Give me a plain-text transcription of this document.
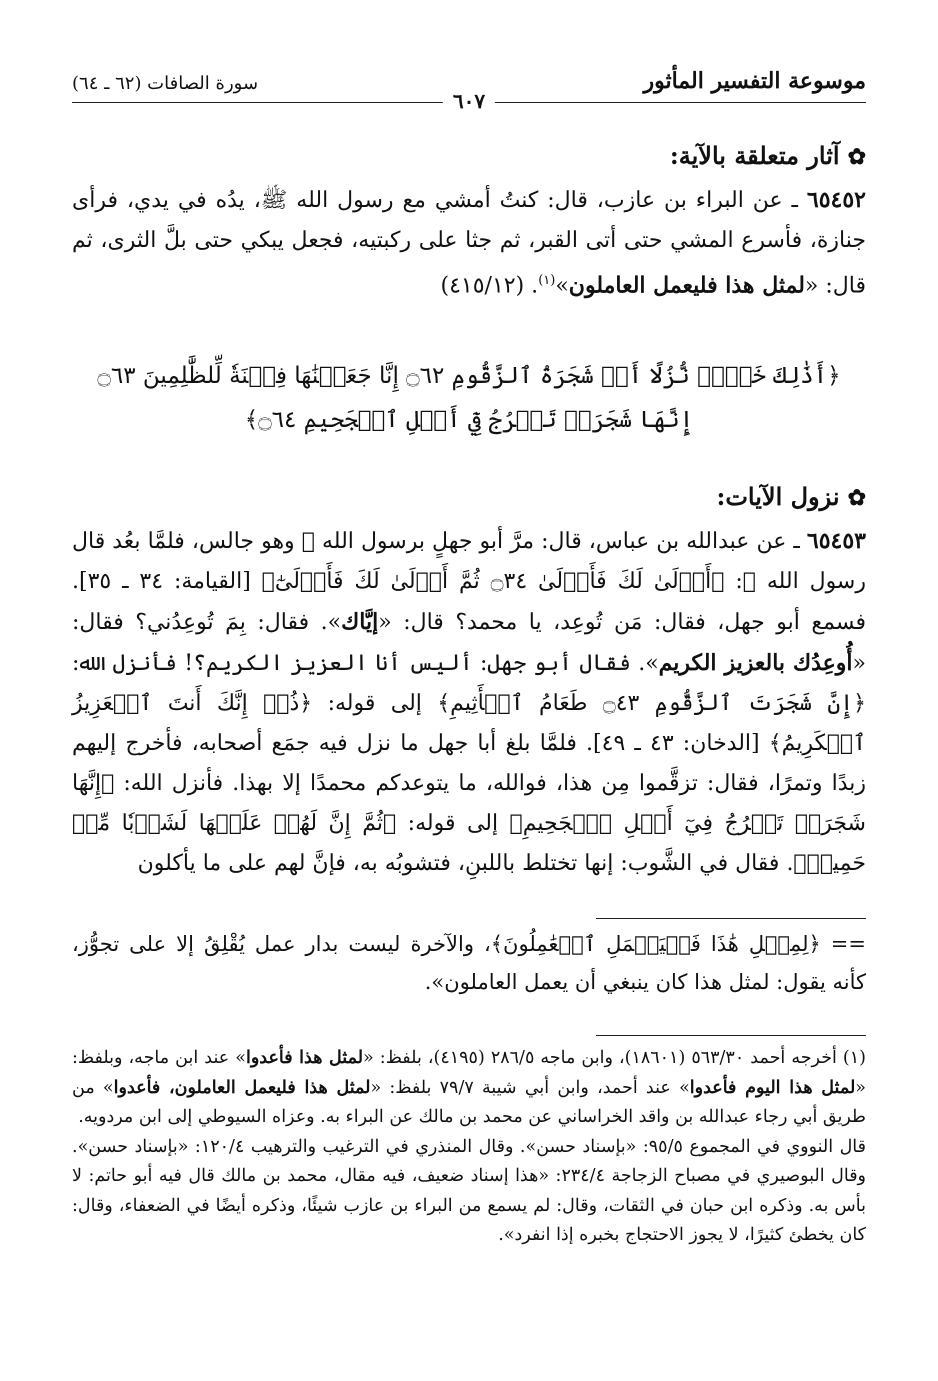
موسوعة التفسير المأثور
سورة الصافات (٦٢ ـ ٦٤)
٦٠٧
✿آثار متعلقة بالآية:

٦٥٤٥٢ ـ عن البراء بن عازب، قال: كنتُ أمشي مع رسول الله ﷺ، يدُه في يدي، فرأى جنازة، فأسرع المشي حتى أتى القبر، ثم جثا على ركبتيه، فجعل يبكي حتى بلَّ الثرى، ثم قال: «لمثل هذا فليعمل العاملون»$^{(١)}$. (٤١٥/١٢)

﴿أَذَٰلِكَ خَيۡرٞ نُّزُلًا أَمۡ شَجَرَةُ ٱلزَّقُّومِ ۝٦٢ إِنَّا جَعَلۡنَٰهَا فِتۡنَةٗ لِّلظَّٰلِمِينَ ۝٦٣
إِنَّهَا شَجَرَةٞ تَخۡرُجُ فِيٓ أَصۡلِ ٱلۡجَحِيمِ ۝٦٤﴾
✿نزول الآيات:

٦٥٤٥٣ ـ عن عبدالله بن عباس، قال: مرَّ أبو جهلٍ برسول الله ﷺ وهو جالس، فلمَّا بعُد قال رسول الله ﷺ: ﴿أَوۡلَىٰ لَكَ فَأَوۡلَىٰ ۝٣٤ ثُمَّ أَوۡلَىٰ لَكَ فَأَوۡلَىٰٓ﴾ [القيامة: ٣٤ ـ ٣٥]. فسمع أبو جهل، فقال: مَن تُوعِد، يا محمد؟ قال: «إيَّاك». فقال: بِمَ تُوعِدُني؟ فقال: «أُوعِدُك بالعزيز الكريم». فقال أبو جهل: أليس أنا العزيز الكريم؟! فأنزل الله: ﴿إِنَّ شَجَرَتَ ٱلزَّقُّومِ ۝٤٣ طَعَامُ ٱلۡأَثِيمِ﴾ إلى قوله: ﴿ذُقۡ إِنَّكَ أَنتَ ٱلۡعَزِيزُ ٱلۡكَرِيمُ﴾ [الدخان: ٤٣ ـ ٤٩]. فلمَّا بلغ أبا جهل ما نزل فيه جمَع أصحابه، فأخرج إليهم زبدًا وتمرًا، فقال: تزقَّموا مِن هذا، فوالله، ما يتوعدكم محمدًا إلا بهذا. فأنزل الله: ﴿إِنَّهَا شَجَرَةٞ تَخۡرُجُ فِيٓ أَصۡلِ ٱلۡجَحِيمِ﴾ إلى قوله: ﴿ثُمَّ إِنَّ لَهُمۡ عَلَيۡهَا لَشَوۡبٗا مِّنۡ حَمِيمٖ﴾. فقال في الشَّوب: إنها تختلط باللبنِ، فتشوبُه به، فإنَّ لهم على ما يأكلون

== ﴿لِمِثۡلِ هَٰذَا فَلۡيَعۡمَلِ ٱلۡعَٰمِلُونَ﴾، والآخرة ليست بدار عمل يُقْلِقُ إلا على تجوُّز، كأنه يقول: لمثل هذا كان ينبغي أن يعمل العاملون».

(١) أخرجه أحمد ٥٦٣/٣٠ (١٨٦٠١)، وابن ماجه ٢٨٦/٥ (٤١٩٥)، بلفظ: «لمثل هذا فأعدوا» عند ابن ماجه، وبلفظ: «لمثل هذا اليوم فأعدوا» عند أحمد، وابن أبي شيبة ٧٩/٧ بلفظ: «لمثل هذا فليعمل العاملون، فأعدوا» من طريق أبي رجاء عبدالله بن واقد الخراساني عن محمد بن مالك عن البراء به. وعزاه السيوطي إلى ابن مردويه.

قال النووي في المجموع ٩٥/٥: «بإسناد حسن». وقال المنذري في الترغيب والترهيب ١٢٠/٤: «بإسناد حسن». وقال البوصيري في مصباح الزجاجة ٢٣٤/٤: «هذا إسناد ضعيف، فيه مقال، محمد بن مالك قال فيه أبو حاتم: لا بأس به. وذكره ابن حبان في الثقات، وقال: لم يسمع من البراء بن عازب شيئًا، وذكره أيضًا في الضعفاء، وقال: كان يخطئ كثيرًا، لا يجوز الاحتجاج بخبره إذا انفرد».
